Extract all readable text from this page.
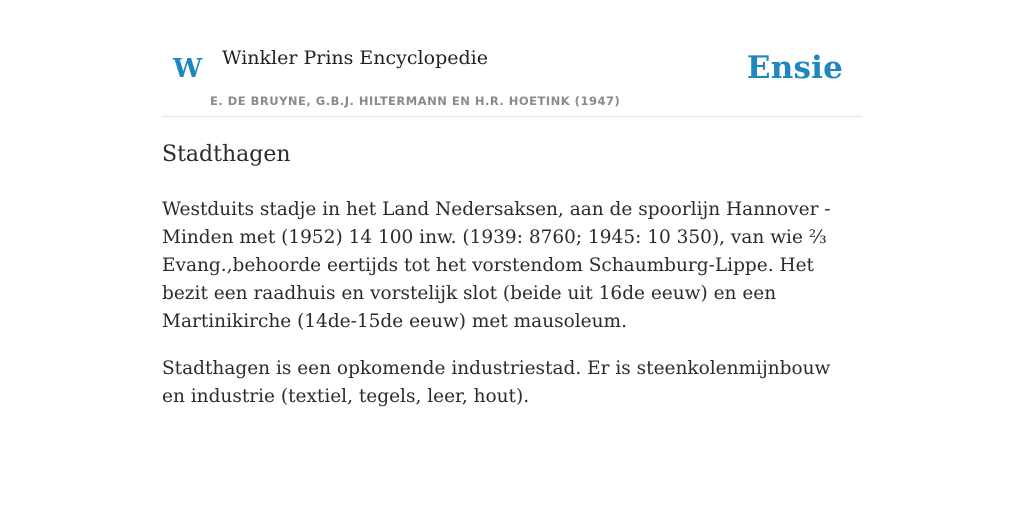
W Winkler Prins Encyclopedie
E. DE BRUYNE, G.B.J. HILTERMANN EN H.R. HOETINK (1947)
Ensie
Stadthagen

Westduits stadje in het Land Nedersaksen, aan de spoorlijn Hannover - Minden met (1952) 14 100 inw. (1939: 8760; 1945: 10 350), van wie ⅔ Evang.,behoorde eertijds tot het vorstendom Schaumburg-Lippe. Het bezit een raadhuis en vorstelijk slot (beide uit 16de eeuw) en een Martinikirche (14de-15de eeuw) met mausoleum.

Stadthagen is een opkomende industriestad. Er is steenkolenmijnbouw en industrie (textiel, tegels, leer, hout).
